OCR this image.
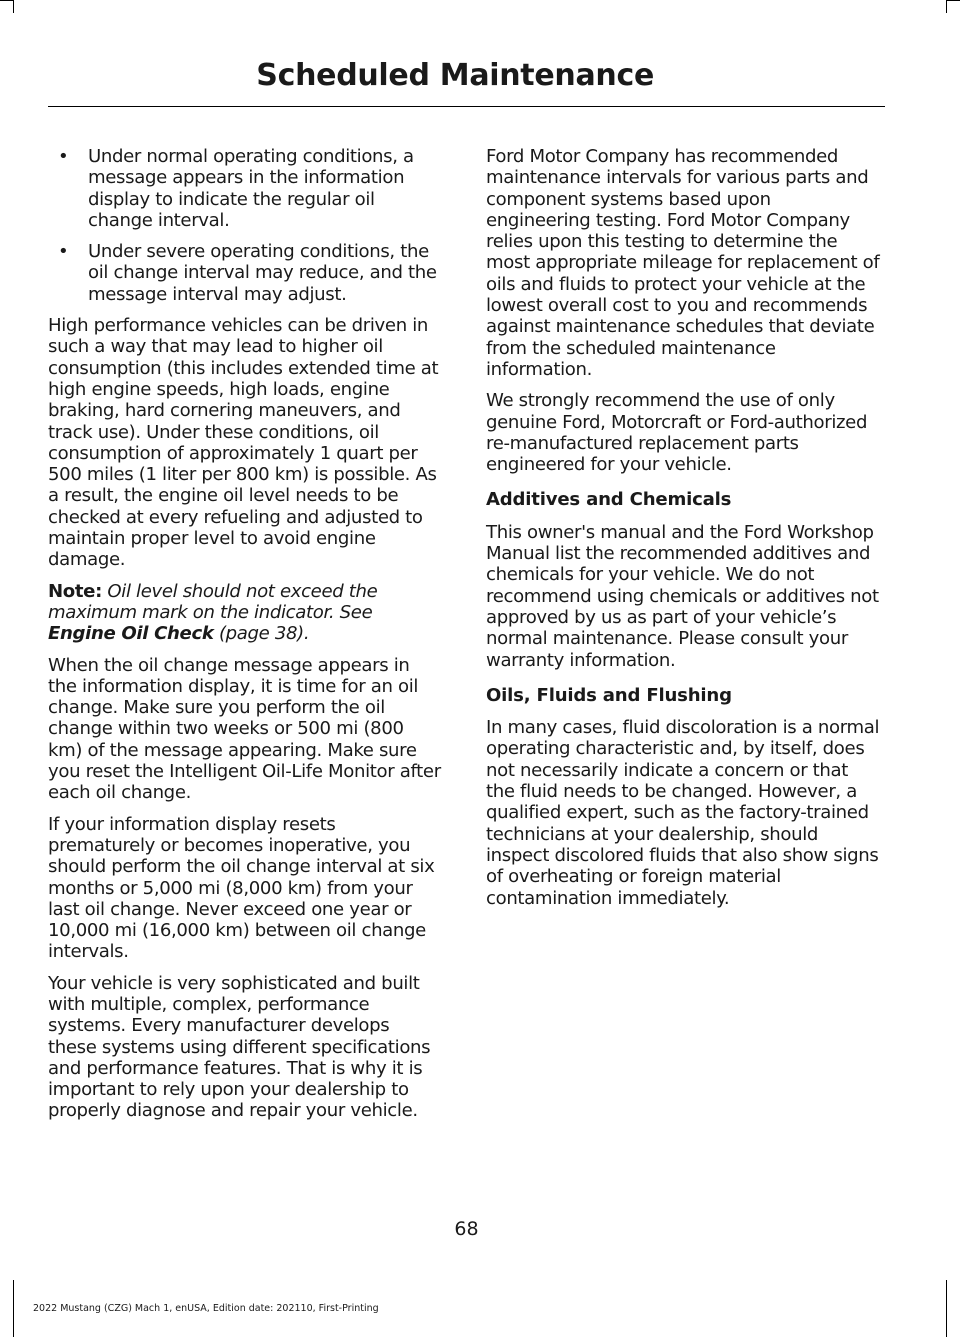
Scheduled Maintenance
• Under normal operating conditions, a message appears in the information display to indicate the regular oil change interval.
• Under severe operating conditions, the oil change interval may reduce, and the message interval may adjust.

High performance vehicles can be driven in such a way that may lead to higher oil consumption (this includes extended time at high engine speeds, high loads, engine braking, hard cornering maneuvers, and track use). Under these conditions, oil consumption of approximately 1 quart per 500 miles (1 liter per 800 km) is possible. As a result, the engine oil level needs to be checked at every refueling and adjusted to maintain proper level to avoid engine damage.

Note: Oil level should not exceed the maximum mark on the indicator. See Engine Oil Check (page 38).

When the oil change message appears in the information display, it is time for an oil change. Make sure you perform the oil change within two weeks or 500 mi (800 km) of the message appearing. Make sure you reset the Intelligent Oil-Life Monitor after each oil change.

If your information display resets prematurely or becomes inoperative, you should perform the oil change interval at six months or 5,000 mi (8,000 km) from your last oil change. Never exceed one year or 10,000 mi (16,000 km) between oil change intervals.

Your vehicle is very sophisticated and built with multiple, complex, performance systems. Every manufacturer develops these systems using different specifications and performance features. That is why it is important to rely upon your dealership to properly diagnose and repair your vehicle.

Ford Motor Company has recommended maintenance intervals for various parts and component systems based upon engineering testing. Ford Motor Company relies upon this testing to determine the most appropriate mileage for replacement of oils and fluids to protect your vehicle at the lowest overall cost to you and recommends against maintenance schedules that deviate from the scheduled maintenance information.

We strongly recommend the use of only genuine Ford, Motorcraft or Ford-authorized re-manufactured replacement parts engineered for your vehicle.

Additives and Chemicals

This owner's manual and the Ford Workshop Manual list the recommended additives and chemicals for your vehicle. We do not recommend using chemicals or additives not approved by us as part of your vehicle’s normal maintenance. Please consult your warranty information.

Oils, Fluids and Flushing

In many cases, fluid discoloration is a normal operating characteristic and, by itself, does not necessarily indicate a concern or that the fluid needs to be changed. However, a qualified expert, such as the factory-trained technicians at your dealership, should inspect discolored fluids that also show signs of overheating or foreign material contamination immediately.

68
2022 Mustang (CZG) Mach 1, enUSA, Edition date: 202110, First-Printing
